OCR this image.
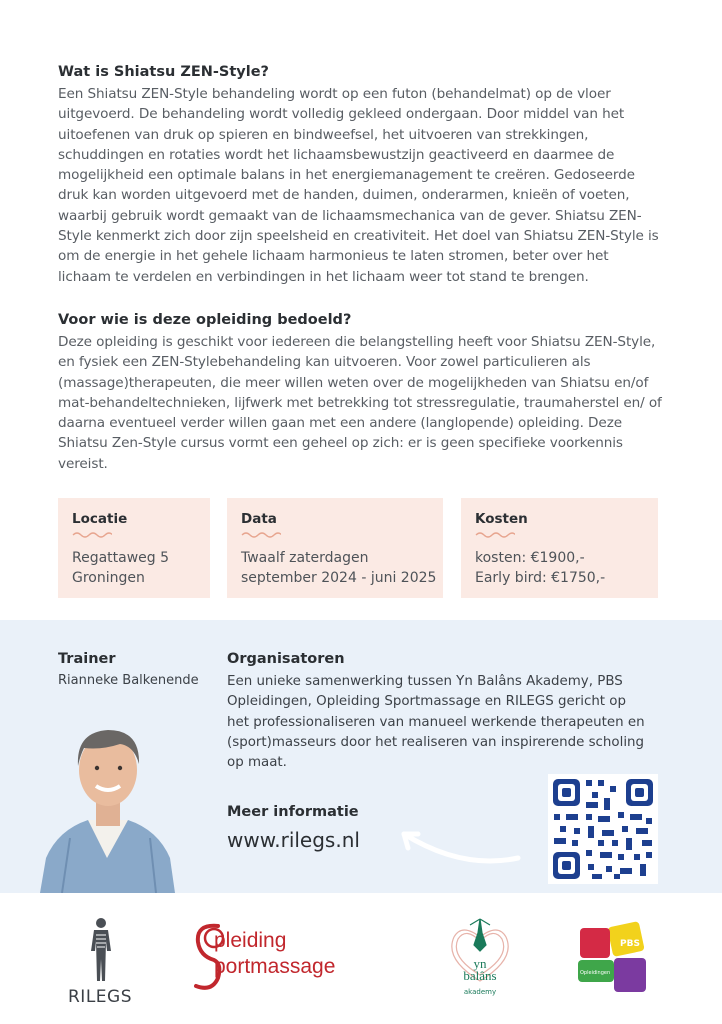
Wat is Shiatsu ZEN-Style?

Een Shiatsu ZEN-Style behandeling wordt op een futon (behandelmat) op de vloer uitgevoerd. De behandeling wordt volledig gekleed ondergaan. Door middel van het uitoefenen van druk op spieren en bindweefsel, het uitvoeren van strekkingen, schuddingen en rotaties wordt het lichaamsbewustzijn geactiveerd en daarmee de mogelijkheid een optimale balans in het energiemanagement te creëren. Gedoseerde druk kan worden uitgevoerd met de handen, duimen, onderarmen, knieën of voeten, waarbij gebruik wordt gemaakt van de lichaamsmechanica van de gever. Shiatsu ZEN-Style kenmerkt zich door zijn speelsheid en creativiteit. Het doel van Shiatsu ZEN-Style is om de energie in het gehele lichaam harmonieus te laten stromen, beter over het lichaam te verdelen en verbindingen in het lichaam weer tot stand te brengen.

Voor wie is deze opleiding bedoeld?

Deze opleiding is geschikt voor iedereen die belangstelling heeft voor Shiatsu ZEN-Style, en fysiek een ZEN-Stylebehandeling kan uitvoeren. Voor zowel particulieren als (massage)therapeuten, die meer willen weten over de mogelijkheden van Shiatsu en/of mat-behandeltechnieken, lijfwerk met betrekking tot stressregulatie, traumaherstel en/ of daarna eventueel verder willen gaan met een andere (langlopende) opleiding. Deze Shiatsu Zen-Style cursus vormt een geheel op zich: er is geen specifieke voorkennis vereist.

Locatie
Regattaweg 5
Groningen
Data
Twaalf zaterdagen
september 2024 - juni 2025
Kosten
kosten: €1900,-
Early bird: €1750,-
Trainer
Rianneke Balkenende
Organisatoren
Een unieke samenwerking tussen Yn Balâns Akademy, PBS Opleidingen, Opleiding Sportmassage en RILEGS gericht op het professionaliseren van manueel werkende therapeuten en (sport)masseurs door het realiseren van inspirerende scholing op maat.
Meer informatie
www.rilegs.nl
RILEGS
pleiding
portmassage	yn
balâns
akademy
PBS
Opleidingen
